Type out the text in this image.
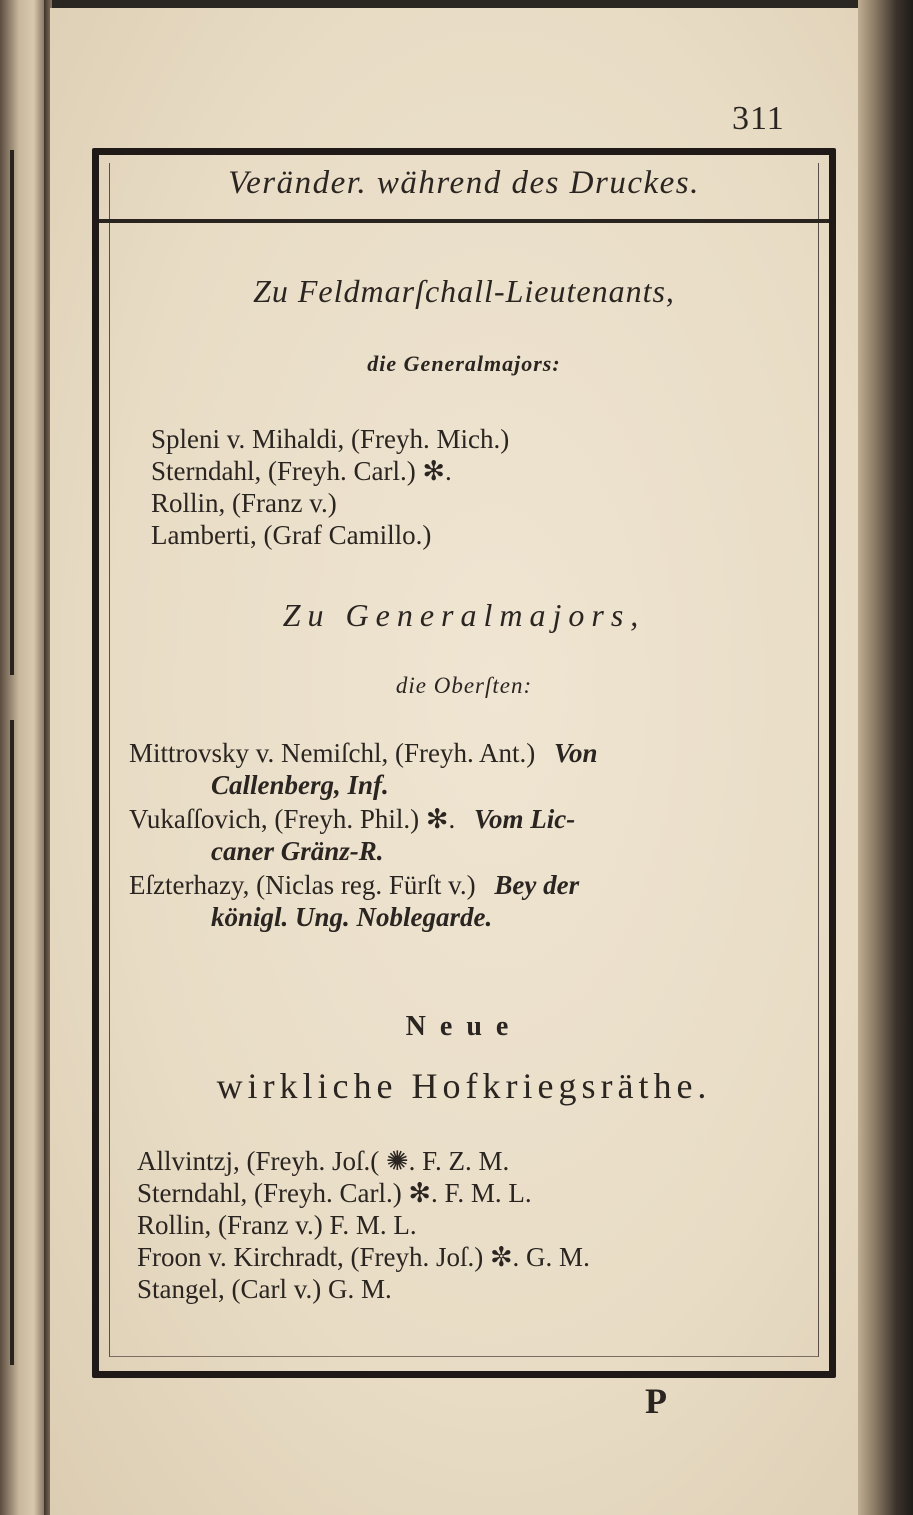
311
Veränder. während des Druckes.
Zu Feldmarſchall-Lieutenants,
die Generalmajors:
Spleni v. Mihaldi, (Freyh. Mich.)
Sterndahl, (Freyh. Carl.) ✻.
Rollin, (Franz v.)
Lamberti, (Graf Camillo.)
Zu Generalmajors,
die Oberſten:
Mittrovsky v. Nemiſchl, (Freyh. Ant.) Von
Callenberg, Inf.
Vukaſſovich, (Freyh. Phil.) ✻. Vom Lic-
caner Gränz-R.
Eſzterhazy, (Niclas reg. Fürſt v.) Bey der
königl. Ung. Noblegarde.
Neue
wirkliche Hofkriegsräthe.
Allvintzj, (Freyh. Joſ.( ✺. F. Z. M.
Sterndahl, (Freyh. Carl.) ✻. F. M. L.
Rollin, (Franz v.) F. M. L.
Froon v. Kirchradt, (Freyh. Joſ.) ✼. G. M.
Stangel, (Carl v.) G. M.
P
